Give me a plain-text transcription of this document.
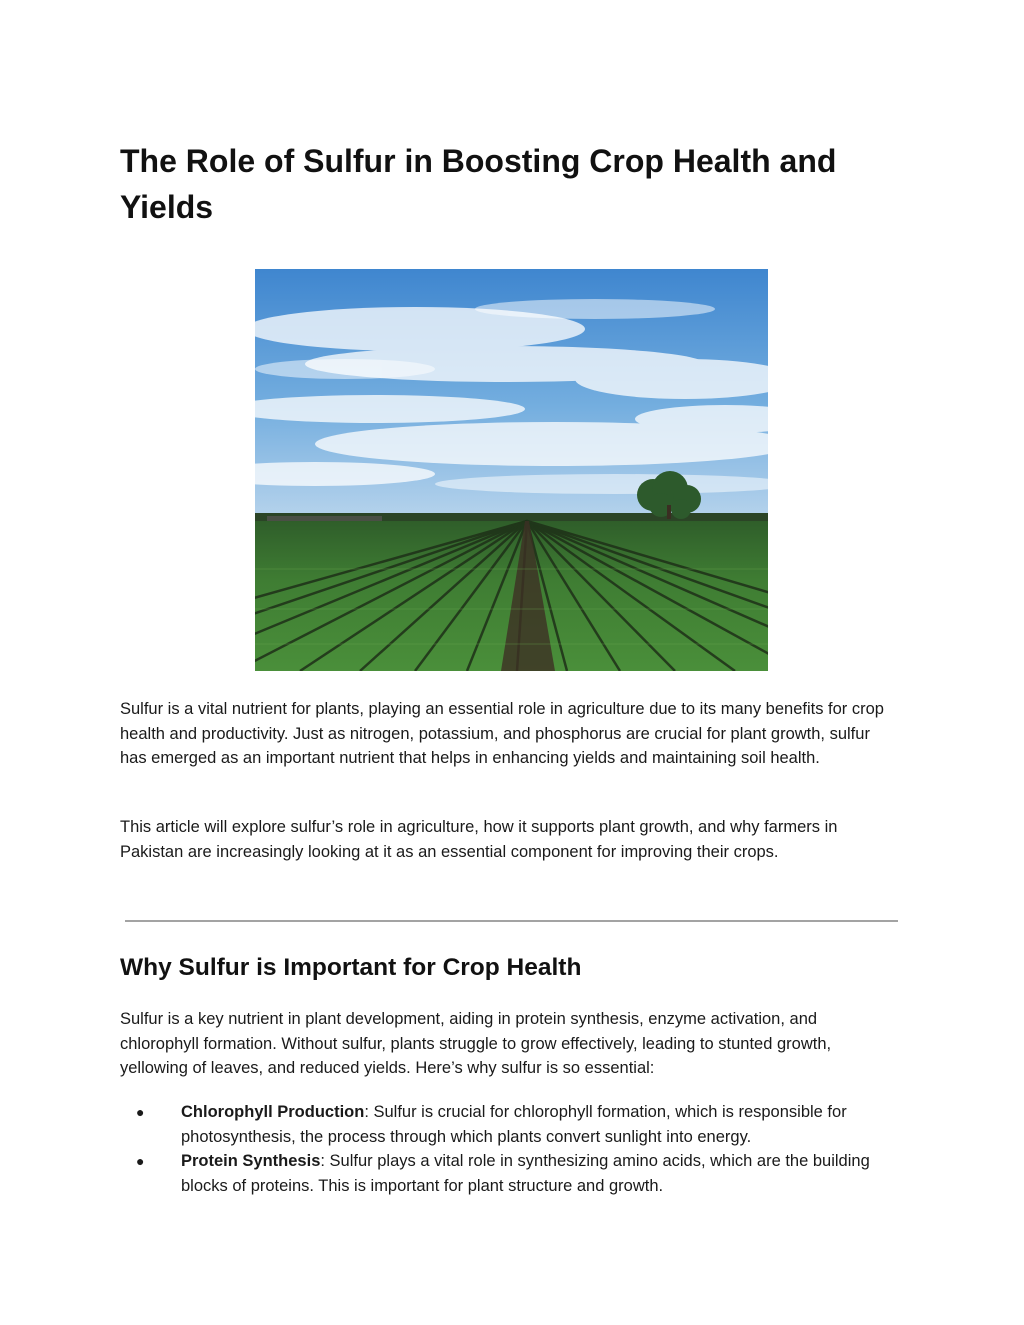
The Role of Sulfur in Boosting Crop Health and Yields

Sulfur is a vital nutrient for plants, playing an essential role in agriculture due to its many benefits for crop health and productivity. Just as nitrogen, potassium, and phosphorus are crucial for plant growth, sulfur has emerged as an important nutrient that helps in enhancing yields and maintaining soil health.

This article will explore sulfur’s role in agriculture, how it supports plant growth, and why farmers in Pakistan are increasingly looking at it as an essential component for improving their crops.

Why Sulfur is Important for Crop Health

Sulfur is a key nutrient in plant development, aiding in protein synthesis, enzyme activation, and chlorophyll formation. Without sulfur, plants struggle to grow effectively, leading to stunted growth, yellowing of leaves, and reduced yields. Here’s why sulfur is so essential:

● Chlorophyll Production: Sulfur is crucial for chlorophyll formation, which is responsible for photosynthesis, the process through which plants convert sunlight into energy.
● Protein Synthesis: Sulfur plays a vital role in synthesizing amino acids, which are the building blocks of proteins. This is important for plant structure and growth.
